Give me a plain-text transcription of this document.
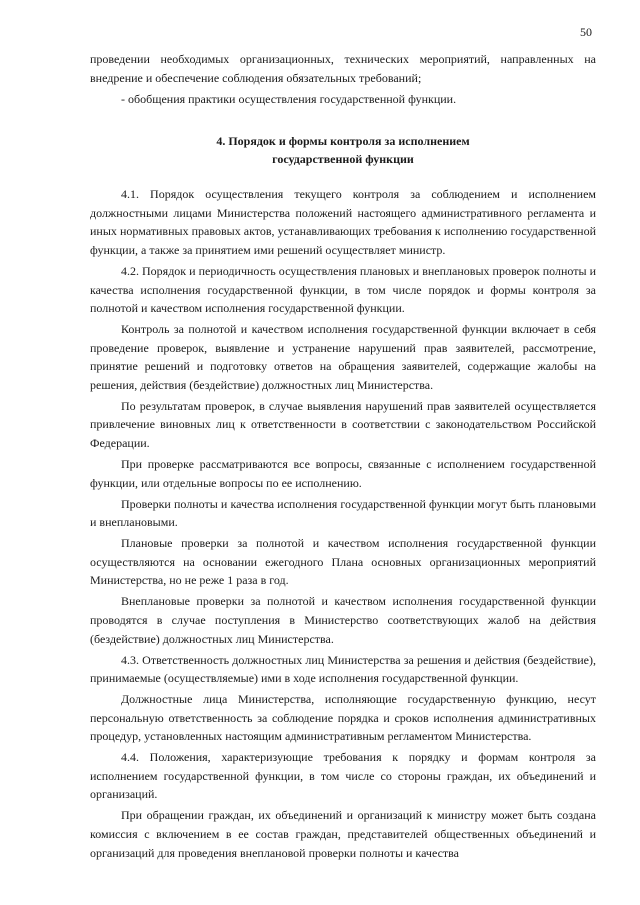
50

проведении необходимых организационных, технических мероприятий, направленных на внедрение и обеспечение соблюдения обязательных требований;

- обобщения практики осуществления государственной функции.

4. Порядок и формы контроля за исполнением
государственной функции

4.1. Порядок осуществления текущего контроля за соблюдением и исполнением должностными лицами Министерства положений настоящего административного регламента и иных нормативных правовых актов, устанавливающих требования к исполнению государственной функции, а также за принятием ими решений осуществляет министр.

4.2. Порядок и периодичность осуществления плановых и внеплановых проверок полноты и качества исполнения государственной функции, в том числе порядок и формы контроля за полнотой и качеством исполнения государственной функции.

Контроль за полнотой и качеством исполнения государственной функции включает в себя проведение проверок, выявление и устранение нарушений прав заявителей, рассмотрение, принятие решений и подготовку ответов на обращения заявителей, содержащие жалобы на решения, действия (бездействие) должностных лиц Министерства.

По результатам проверок, в случае выявления нарушений прав заявителей осуществляется привлечение виновных лиц к ответственности в соответствии с законодательством Российской Федерации.

При проверке рассматриваются все вопросы, связанные с исполнением государственной функции, или отдельные вопросы по ее исполнению.

Проверки полноты и качества исполнения государственной функции могут быть плановыми и внеплановыми.

Плановые проверки за полнотой и качеством исполнения государственной функции осуществляются на основании ежегодного Плана основных организационных мероприятий Министерства, но не реже 1 раза в год.

Внеплановые проверки за полнотой и качеством исполнения государственной функции проводятся в случае поступления в Министерство соответствующих жалоб на действия (бездействие) должностных лиц Министерства.

4.3. Ответственность должностных лиц Министерства за решения и действия (бездействие), принимаемые (осуществляемые) ими в ходе исполнения государственной функции.

Должностные лица Министерства, исполняющие государственную функцию, несут персональную ответственность за соблюдение порядка и сроков исполнения административных процедур, установленных настоящим административным регламентом Министерства.

4.4. Положения, характеризующие требования к порядку и формам контроля за исполнением государственной функции, в том числе со стороны граждан, их объединений и организаций.

При обращении граждан, их объединений и организаций к министру может быть создана комиссия с включением в ее состав граждан, представителей общественных объединений и организаций для проведения внеплановой проверки полноты и качества
